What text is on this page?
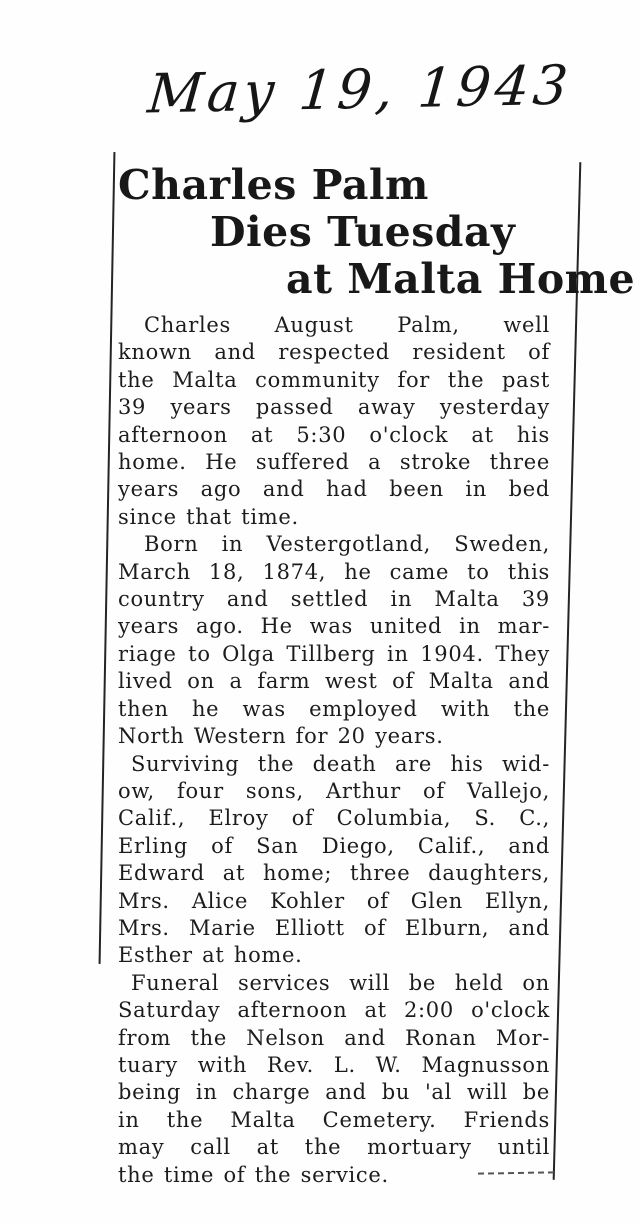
May 19, 1943
Charles Palm
Dies Tuesday
at Malta Home
Charles August Palm, well
known and respected resident of
the Malta community for the past
39 years passed away yesterday
afternoon at 5:30 o'clock at his
home. He suffered a stroke three
years ago and had been in bed
since that time.
Born in Vestergotland, Sweden,
March 18, 1874, he came to this
country and settled in Malta 39
years ago. He was united in mar-
riage to Olga Tillberg in 1904. They
lived on a farm west of Malta and
then he was employed with the
North Western for 20 years.
Surviving the death are his wid-
ow, four sons, Arthur of Vallejo,
Calif., Elroy of Columbia, S. C.,
Erling of San Diego, Calif., and
Edward at home; three daughters,
Mrs. Alice Kohler of Glen Ellyn,
Mrs. Marie Elliott of Elburn, and
Esther at home.
Funeral services will be held on
Saturday afternoon at 2:00 o'clock
from the Nelson and Ronan Mor-
tuary with Rev. L. W. Magnusson
being in charge and bu 'al will be
in the Malta Cemetery. Friends
may call at the mortuary until
the time of the service.
